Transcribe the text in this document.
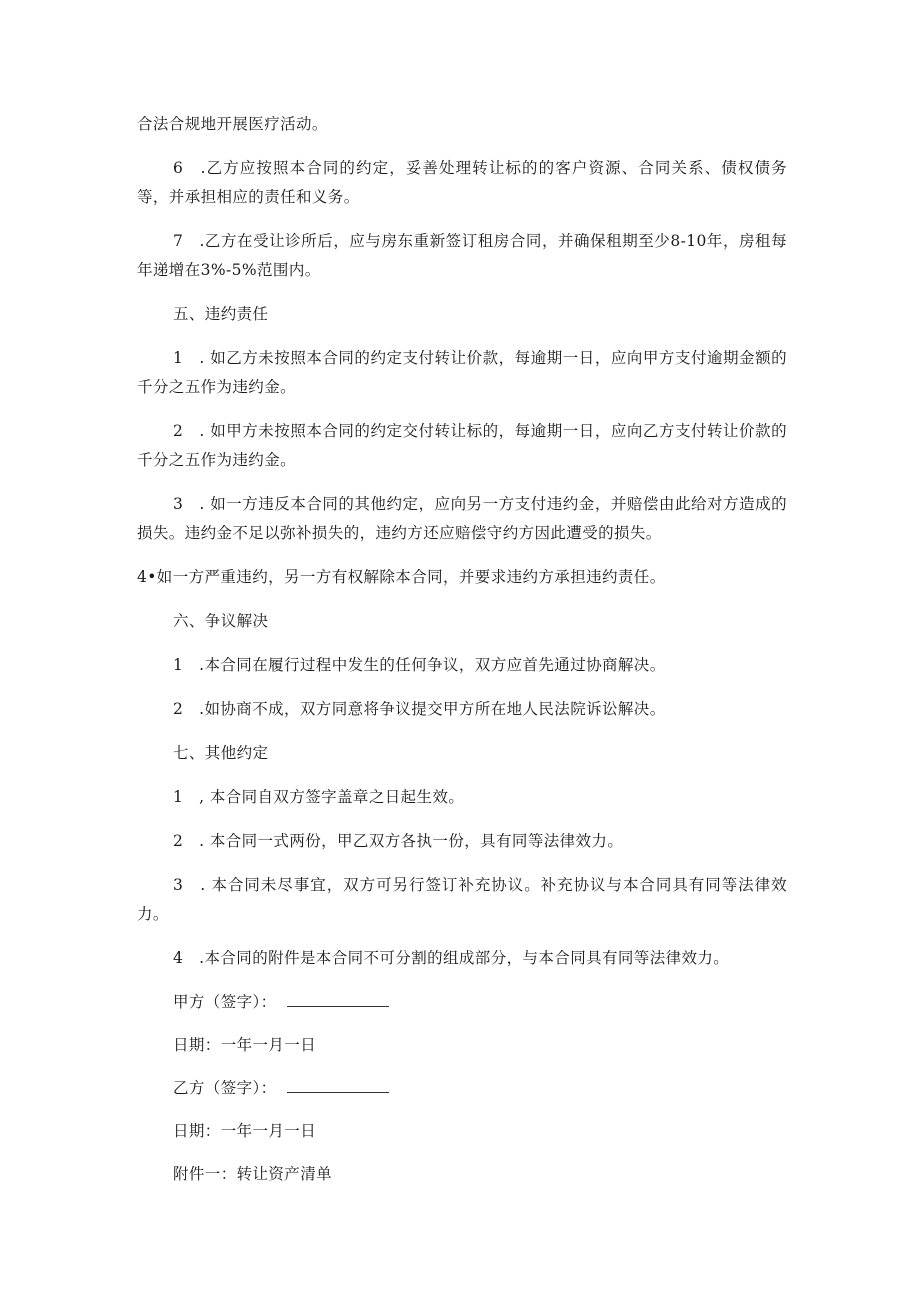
合法合规地开展医疗活动。

6　.乙方应按照本合同的约定，妥善处理转让标的的客户资源、合同关系、债权债务等，并承担相应的责任和义务。

7　.乙方在受让诊所后，应与房东重新签订租房合同，并确保租期至少8-10年，房租每年递增在3%-5%范围内。

五、违约责任

1　. 如乙方未按照本合同的约定支付转让价款，每逾期一日，应向甲方支付逾期金额的千分之五作为违约金。

2　. 如甲方未按照本合同的约定交付转让标的，每逾期一日，应向乙方支付转让价款的千分之五作为违约金。

3　. 如一方违反本合同的其他约定，应向另一方支付违约金，并赔偿由此给对方造成的损失。违约金不足以弥补损失的，违约方还应赔偿守约方因此遭受的损失。

4•如一方严重违约，另一方有权解除本合同，并要求违约方承担违约责任。

六、争议解决

1　.本合同在履行过程中发生的任何争议，双方应首先通过协商解决。

2　.如协商不成，双方同意将争议提交甲方所在地人民法院诉讼解决。

七、其他约定

1　, 本合同自双方签字盖章之日起生效。

2　. 本合同一式两份，甲乙双方各执一份，具有同等法律效力。

3　. 本合同未尽事宜，双方可另行签订补充协议。补充协议与本合同具有同等法律效力。

4　.本合同的附件是本合同不可分割的组成部分，与本合同具有同等法律效力。

甲方（签字）：

日期：一年一月一日

乙方（签字）：

日期：一年一月一日

附件一：转让资产清单
